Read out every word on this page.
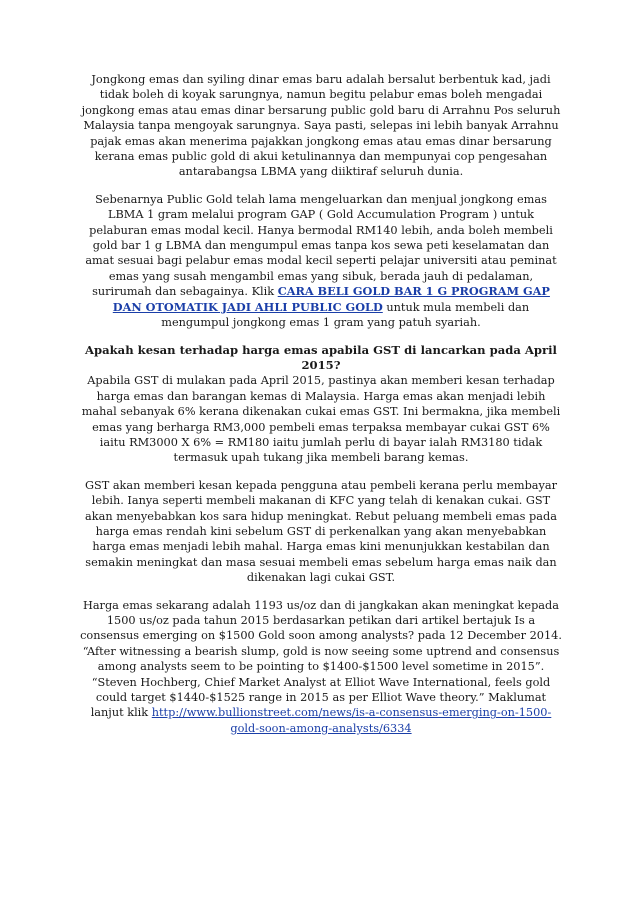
Jongkong emas dan syiling dinar emas baru adalah bersalut berbentuk kad, jadi tidak boleh di koyak sarungnya, namun begitu pelabur emas boleh mengadai jongkong emas atau emas dinar bersarung public gold baru di Arrahnu Pos seluruh Malaysia tanpa mengoyak sarungnya. Saya pasti, selepas ini lebih banyak Arrahnu pajak emas akan menerima pajakkan jongkong emas atau emas dinar bersarung kerana emas public gold di akui ketulinannya dan mempunyai cop pengesahan antarabangsa LBMA yang diiktiraf seluruh dunia.

Sebenarnya Public Gold telah lama mengeluarkan dan menjual jongkong emas LBMA 1 gram melalui program GAP ( Gold Accumulation Program ) untuk pelaburan emas modal kecil. Hanya bermodal RM140 lebih, anda boleh membeli gold bar 1 g LBMA dan mengumpul emas tanpa kos sewa peti keselamatan dan amat sesuai bagi pelabur emas modal kecil seperti pelajar universiti atau peminat emas yang susah mengambil emas yang sibuk, berada jauh di pedalaman, surirumah dan sebagainya. Klik CARA BELI GOLD BAR 1 G PROGRAM GAP DAN OTOMATIK JADI AHLI PUBLIC GOLD untuk mula membeli dan mengumpul jongkong emas 1 gram yang patuh syariah.

Apakah kesan terhadap harga emas apabila GST di lancarkan pada April 2015?

Apabila GST di mulakan pada April 2015, pastinya akan memberi kesan terhadap harga emas dan barangan kemas di Malaysia. Harga emas akan menjadi lebih mahal sebanyak 6% kerana dikenakan cukai emas GST. Ini bermakna, jika membeli emas yang berharga RM3,000 pembeli emas terpaksa membayar cukai GST 6% iaitu RM3000 X 6% = RM180 iaitu jumlah perlu di bayar ialah RM3180 tidak termasuk upah tukang jika membeli barang kemas.

GST akan memberi kesan kepada pengguna atau pembeli kerana perlu membayar lebih. Ianya seperti membeli makanan di KFC yang telah di kenakan cukai. GST akan menyebabkan kos sara hidup meningkat. Rebut peluang membeli emas pada harga emas rendah kini sebelum GST di perkenalkan yang akan menyebabkan harga emas menjadi lebih mahal. Harga emas kini menunjukkan kestabilan dan semakin meningkat dan masa sesuai membeli emas sebelum harga emas naik dan dikenakan lagi cukai GST.

Harga emas sekarang adalah 1193 us/oz dan di jangkakan akan meningkat kepada 1500 us/oz pada tahun 2015 berdasarkan petikan dari artikel bertajuk Is a consensus emerging on $1500 Gold soon among analysts? pada 12 December 2014. “After witnessing a bearish slump, gold is now seeing some uptrend and consensus among analysts seem to be pointing to $1400-$1500 level sometime in 2015”. “Steven Hochberg, Chief Market Analyst at Elliot Wave International, feels gold could target $1440-$1525 range in 2015 as per Elliot Wave theory.” Maklumat lanjut klik http://www.bullionstreet.com/news/is-a-consensus-emerging-on-1500-gold-soon-among-analysts/6334
